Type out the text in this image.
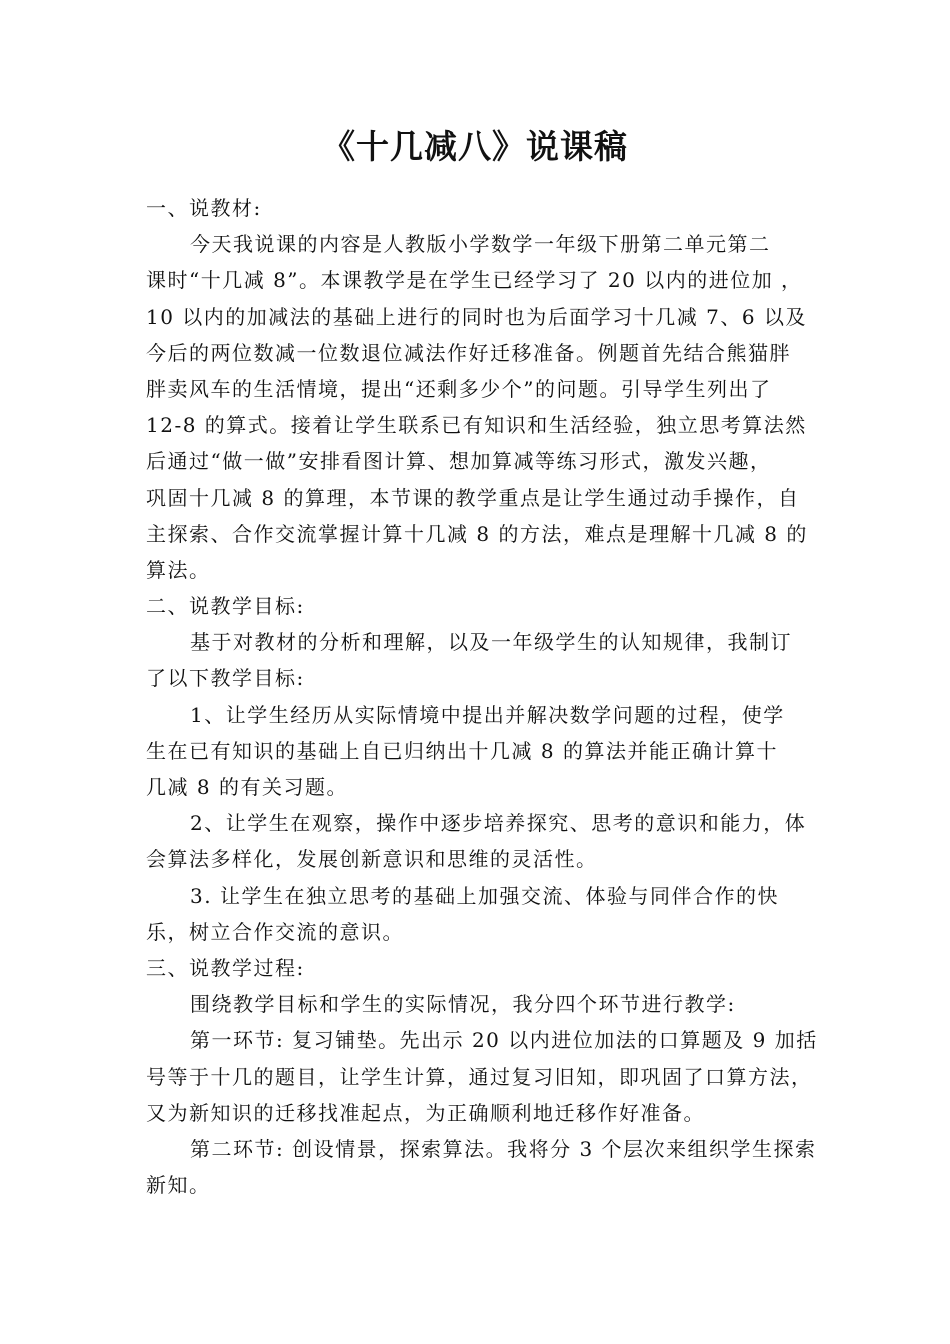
《十几减八》说课稿
一、说教材:
今天我说课的内容是人教版小学数学一年级下册第二单元第二
课时“十几减 8”。本课教学是在学生已经学习了 20 以内的进位加 ，
10 以内的加减法的基础上进行的同时也为后面学习十几减 7、6 以及
今后的两位数减一位数退位减法作好迁移准备。例题首先结合熊猫胖
胖卖风车的生活情境，提出“还剩多少个”的问题。引导学生列出了
12-8 的算式。接着让学生联系已有知识和生活经验，独立思考算法然
后通过“做一做”安排看图计算、想加算减等练习形式，激发兴趣，
巩固十几减 8 的算理，本节课的教学重点是让学生通过动手操作，自
主探索、合作交流掌握计算十几减 8 的方法，难点是理解十几减 8 的
算法。
二、说教学目标:
基于对教材的分析和理解，以及一年级学生的认知规律，我制订
了以下教学目标:
1、让学生经历从实际情境中提出并解决数学问题的过程，使学
生在已有知识的基础上自已归纳出十几减 8 的算法并能正确计算十
几减 8 的有关习题。
2、让学生在观察，操作中逐步培养探究、思考的意识和能力，体
会算法多样化，发展创新意识和思维的灵活性。
3. 让学生在独立思考的基础上加强交流、体验与同伴合作的快
乐，树立合作交流的意识。
三、说教学过程:
围绕教学目标和学生的实际情况，我分四个环节进行教学:
第一环节: 复习铺垫。先出示 20 以内进位加法的口算题及 9 加括
号等于十几的题目，让学生计算，通过复习旧知，即巩固了口算方法，
又为新知识的迁移找准起点，为正确顺利地迁移作好准备。
第二环节: 创设情景，探索算法。我将分 3 个层次来组织学生探索
新知。
